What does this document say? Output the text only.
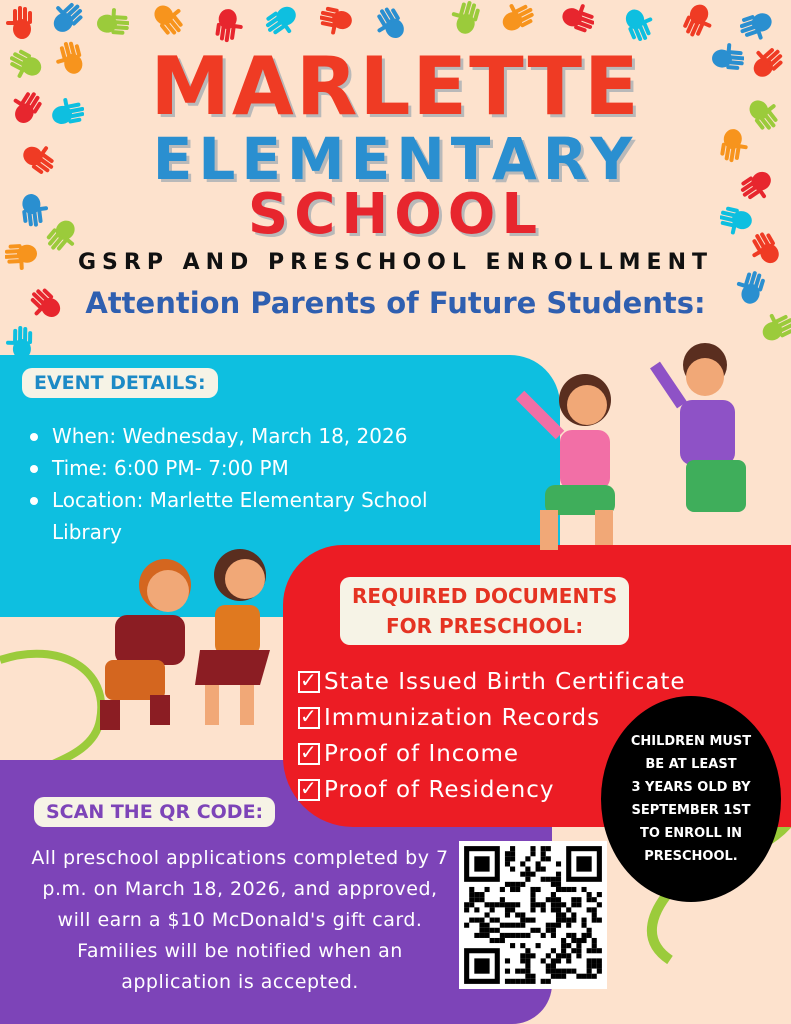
MARLETTE
ELEMENTARY
SCHOOL
GSRP AND PRESCHOOL ENROLLMENT
Attention Parents of Future Students:
EVENT DETAILS:
When: Wednesday, March 18, 2026
Time: 6:00 PM- 7:00 PM
Location: Marlette Elementary School Library
REQUIRED DOCUMENTS
FOR PRESCHOOL:
✓ State Issued Birth Certificate
✓ Immunization Records
✓ Proof of Income
✓ Proof of Residency
SCAN THE QR CODE:
All preschool applications completed by 7 p.m. on March 18, 2026, and approved, will earn a $10 McDonald's gift card. Families will be notified when an application is accepted.
CHILDREN MUST
BE AT LEAST
3 YEARS OLD BY
SEPTEMBER 1ST
TO ENROLL IN
PRESCHOOL.
